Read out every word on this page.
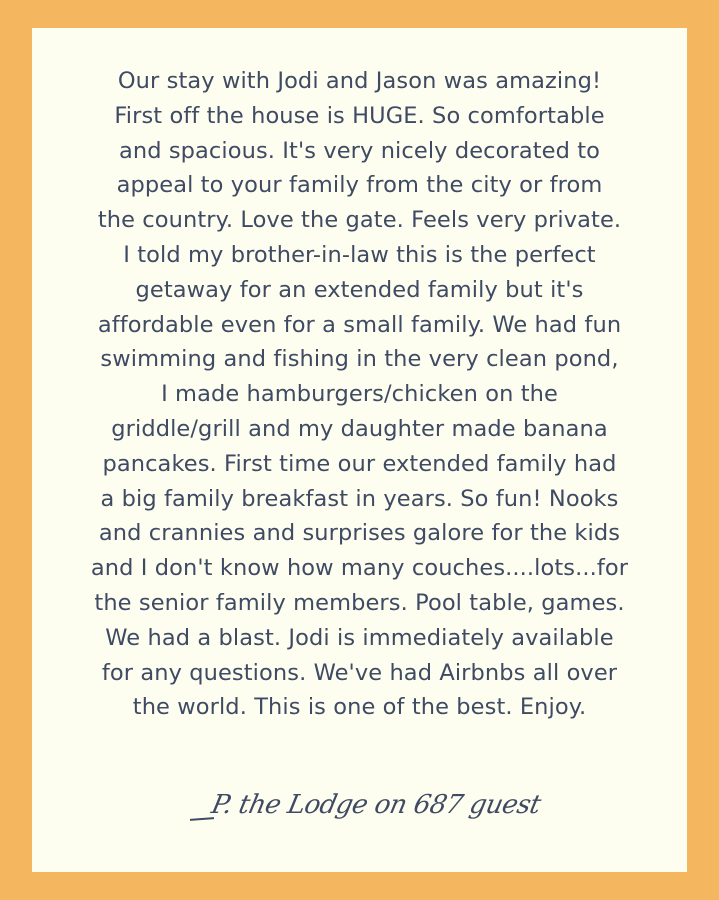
Our stay with Jodi and Jason was amazing!
First off the house is HUGE. So comfortable
and spacious. It's very nicely decorated to
appeal to your family from the city or from
the country. Love the gate. Feels very private.
I told my brother-in-law this is the perfect
getaway for an extended family but it's
affordable even for a small family. We had fun
swimming and fishing in the very clean pond,
I made hamburgers/chicken on the
griddle/grill and my daughter made banana
pancakes. First time our extended family had
a big family breakfast in years. So fun! Nooks
and crannies and surprises galore for the kids
and I don't know how many couches....lots...for
the senior family members. Pool table, games.
We had a blast. Jodi is immediately available
for any questions. We've had Airbnbs all over
the world. This is one of the best. Enjoy.

P. the Lodge on 687 guest
